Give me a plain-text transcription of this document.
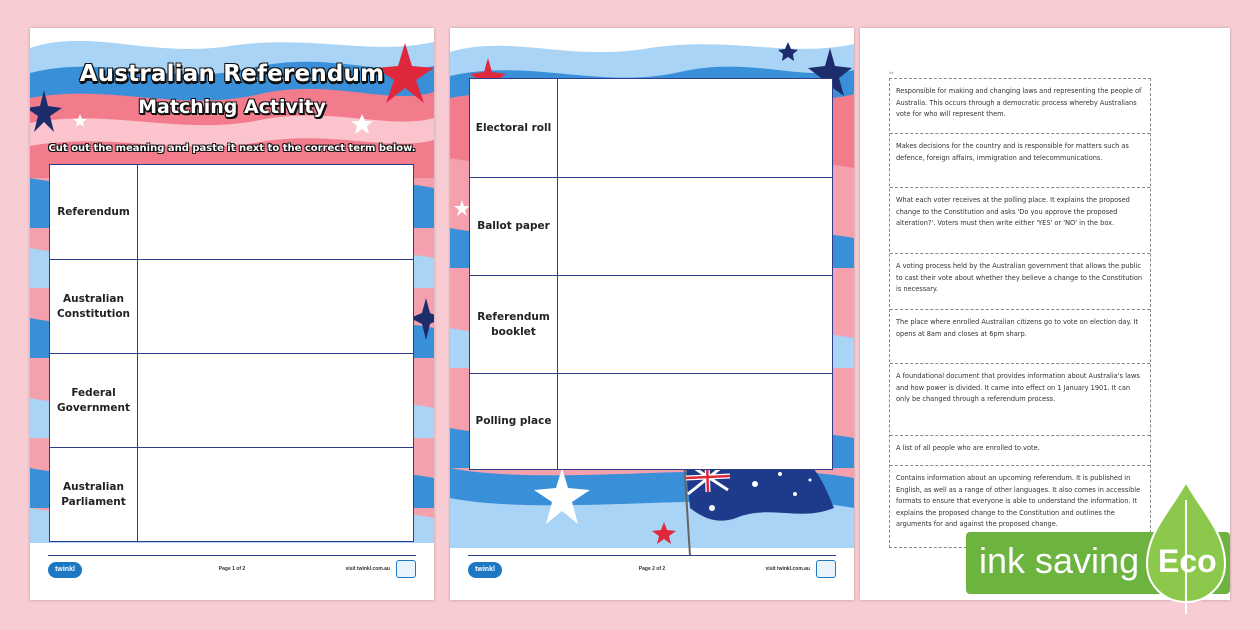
Australian Referendum
Matching Activity
Cut out the meaning and paste it next to the correct term below.
Referendum
Australian Constitution
Federal Government
Australian Parliament
twinkl	Page 1 of 2	visit twinkl.com.au
Electoral roll
Ballot paper
Referendum booklet
Polling place
twinkl	Page 2 of 2	visit twinkl.com.au
✂
Responsible for making and changing laws and representing the people of Australia. This occurs through a democratic process whereby Australians vote for who will represent them.
Makes decisions for the country and is responsible for matters such as defence, foreign affairs, immigration and telecommunications.
What each voter receives at the polling place. It explains the proposed change to the Constitution and asks 'Do you approve the proposed alteration?'. Voters must then write either 'YES' or 'NO' in the box.
A voting process held by the Australian government that allows the public to cast their vote about whether they believe a change to the Constitution is necessary.
The place where enrolled Australian citizens go to vote on election day. It opens at 8am and closes at 6pm sharp.
A foundational document that provides information about Australia's laws and how power is divided. It came into effect on 1 January 1901. It can only be changed through a referendum process.
A list of all people who are enrolled to vote.
Contains information about an upcoming referendum. It is published in English, as well as a range of other languages. It also comes in accessible formats to ensure that everyone is able to understand the information. It explains the proposed change to the Constitution and outlines the arguments for and against the proposed change.
ink saving Eco
